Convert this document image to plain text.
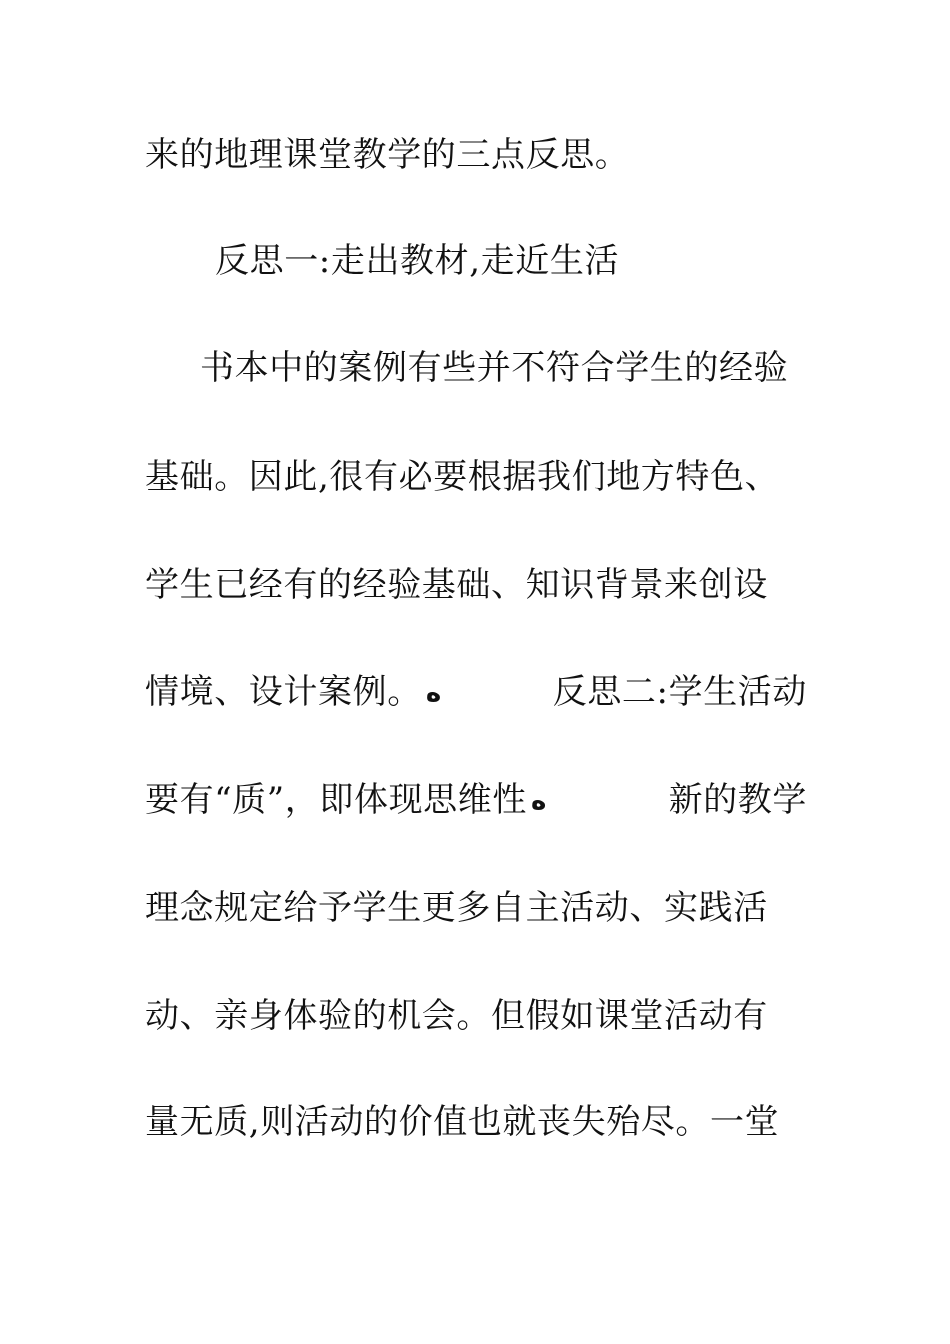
来的地理课堂教学的三点反思。
反思一:走出教材,走近生活
书本中的案例有些并不符合学生的经验
基础。因此,很有必要根据我们地方特色、
学生已经有的经验基础、知识背景来创设
情境、设计案例。 ه	反思二:学生活动
要有“质”，即体现思维性 ه	新的教学
理念规定给予学生更多自主活动、实践活
动、亲身体验的机会。但假如课堂活动有
量无质,则活动的价值也就丧失殆尽。一堂
